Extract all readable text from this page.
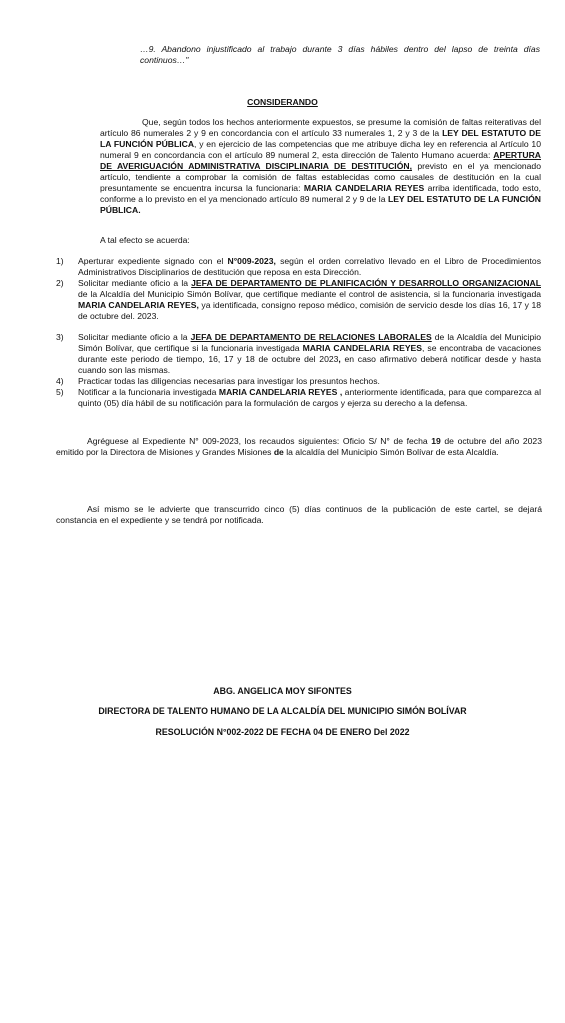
…9. Abandono injustificado al trabajo durante 3 días hábiles dentro del lapso de treinta días continuos…"
CONSIDERANDO
Que, según todos los hechos anteriormente expuestos, se presume la comisión de faltas reiterativas del artículo 86 numerales 2 y 9 en concordancia con el artículo 33 numerales 1, 2 y 3 de la LEY DEL ESTATUTO DE LA FUNCIÓN PÚBLICA, y en ejercicio de las competencias que me atribuye dicha ley en referencia al Artículo 10 numeral 9 en concordancia con el artículo 89 numeral 2, esta dirección de Talento Humano acuerda: APERTURA DE AVERIGUACIÓN ADMINISTRATIVA DISCIPLINARIA DE DESTITUCIÓN, previsto en el ya mencionado artículo, tendiente a comprobar la comisión de faltas establecidas como causales de destitución en la cual presuntamente se encuentra incursa la funcionaria: MARIA CANDELARIA REYES arriba identificada, todo esto, conforme a lo previsto en el ya mencionado artículo 89 numeral 2 y 9 de la LEY DEL ESTATUTO DE LA FUNCIÓN PÚBLICA.
A tal efecto se acuerda:
1) Aperturar expediente signado con el N°009-2023, según el orden correlativo llevado en el Libro de Procedimientos Administrativos Disciplinarios de destitución que reposa en esta Dirección.
2) Solicitar mediante oficio a la JEFA DE DEPARTAMENTO DE PLANIFICACIÓN Y DESARROLLO ORGANIZACIONAL de la Alcaldía del Municipio Simón Bolívar, que certifique mediante el control de asistencia, si la funcionaria investigada MARIA CANDELARIA REYES, ya identificada, consigno reposo médico, comisión de servicio desde los días 16, 17 y 18 de octubre del. 2023.
3) Solicitar mediante oficio a la JEFA DE DEPARTAMENTO DE RELACIONES LABORALES de la Alcaldía del Municipio Simón Bolívar, que certifique si la funcionaria investigada MARIA CANDELARIA REYES, se encontraba de vacaciones durante este periodo de tiempo, 16, 17 y 18 de octubre del 2023, en caso afirmativo deberá notificar desde y hasta cuando son las mismas.
4) Practicar todas las diligencias necesarias para investigar los presuntos hechos.
5) Notificar a la funcionaria investigada MARIA CANDELARIA REYES , anteriormente identificada, para que comparezca al quinto (05) día hábil de su notificación para la formulación de cargos y ejerza su derecho a la defensa.
Agréguese al Expediente N° 009-2023, los recaudos siguientes: Oficio S/ N° de fecha 19 de octubre del año 2023 emitido por la Directora de Misiones y Grandes Misiones de la alcaldía del Municipio Simón Bolívar de esta Alcaldía.
Así mismo se le advierte que transcurrido cinco (5) días continuos de la publicación de este cartel, se dejará constancia en el expediente y se tendrá por notificada.
ABG. ANGELICA MOY SIFONTES
DIRECTORA DE TALENTO HUMANO DE LA ALCALDÍA DEL MUNICIPIO SIMÓN BOLÍVAR
RESOLUCIÓN N°002-2022 DE FECHA 04 DE ENERO Del 2022
